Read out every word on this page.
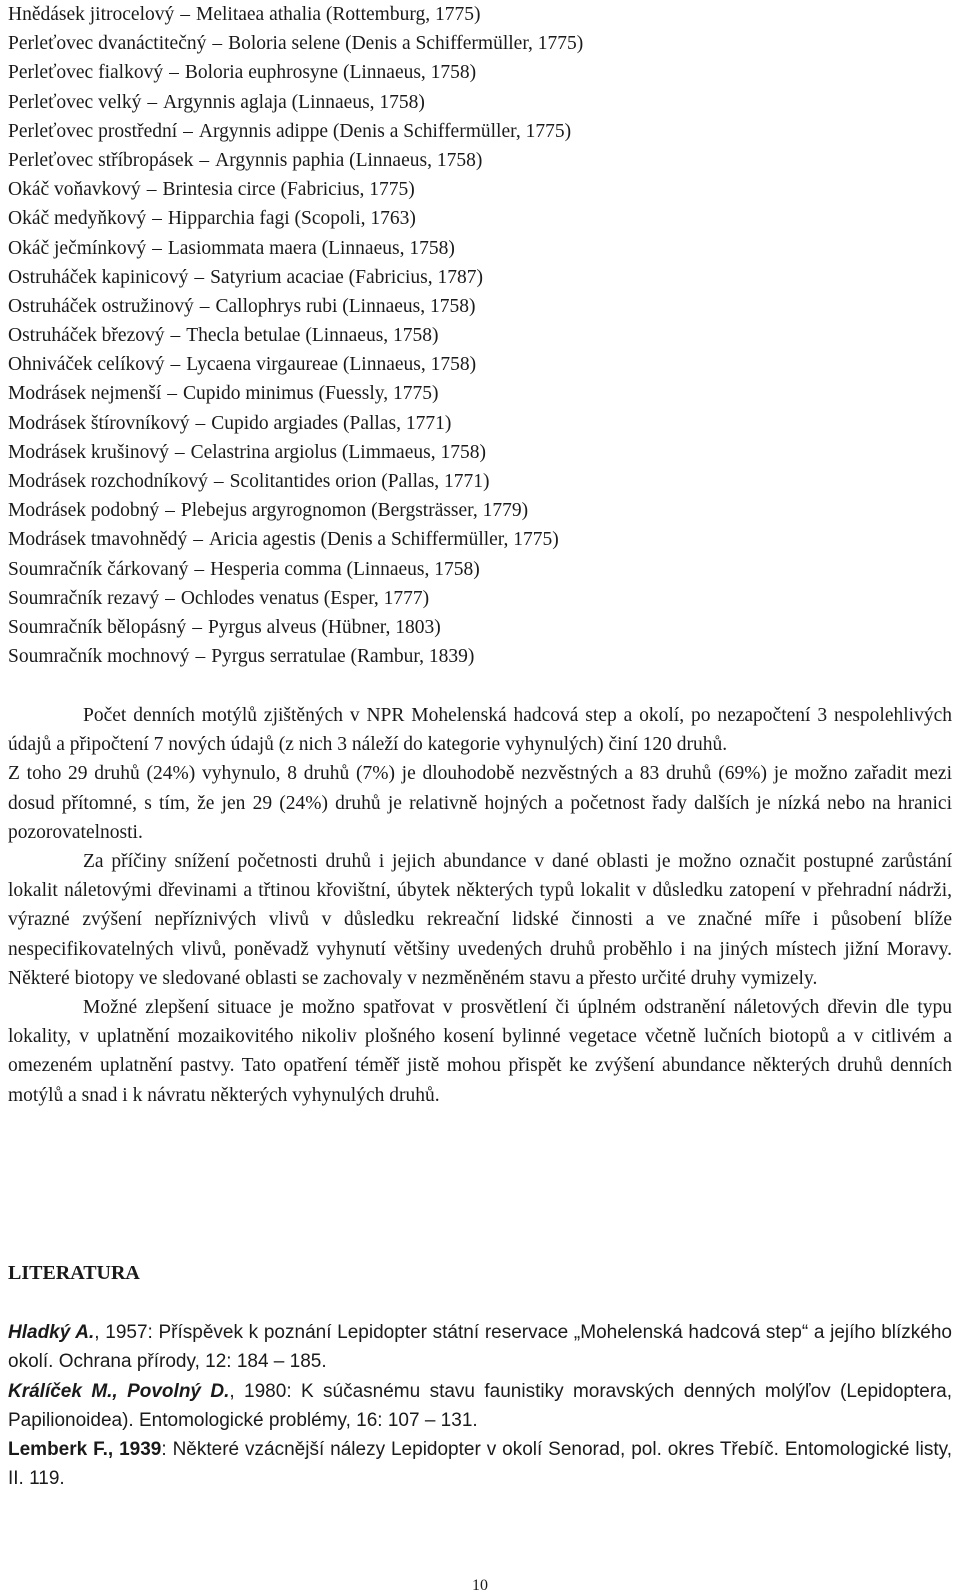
Hnědásek jitrocelový – Melitaea athalia (Rottemburg, 1775)
Perleťovec dvanáctitečný – Boloria selene (Denis a Schiffermüller, 1775)
Perleťovec fialkový – Boloria euphrosyne (Linnaeus, 1758)
Perleťovec velký – Argynnis aglaja (Linnaeus, 1758)
Perleťovec prostřední – Argynnis adippe (Denis a Schiffermüller, 1775)
Perleťovec stříbropásek – Argynnis paphia (Linnaeus, 1758)
Okáč voňavkový – Brintesia circe (Fabricius, 1775)
Okáč medyňkový – Hipparchia fagi (Scopoli, 1763)
Okáč ječmínkový – Lasiommata maera (Linnaeus, 1758)
Ostruháček kapinicový – Satyrium acaciae (Fabricius, 1787)
Ostruháček ostružinový – Callophrys rubi (Linnaeus, 1758)
Ostruháček březový – Thecla betulae (Linnaeus, 1758)
Ohniváček celíkový – Lycaena virgaureae (Linnaeus, 1758)
Modrásek nejmenší – Cupido minimus (Fuessly, 1775)
Modrásek štírovníkový – Cupido argiades (Pallas, 1771)
Modrásek krušinový – Celastrina argiolus (Limmaeus, 1758)
Modrásek rozchodníkový – Scolitantides orion (Pallas, 1771)
Modrásek podobný – Plebejus argyrognomon (Bergsträsser, 1779)
Modrásek tmavohnědý – Aricia agestis (Denis a Schiffermüller, 1775)
Soumračník čárkovaný – Hesperia comma (Linnaeus, 1758)
Soumračník rezavý – Ochlodes venatus (Esper, 1777)
Soumračník bělopásný – Pyrgus alveus (Hübner, 1803)
Soumračník mochnový – Pyrgus serratulae (Rambur, 1839)

Počet denních motýlů zjištěných v NPR Mohelenská hadcová step a okolí, po nezapočtení 3 nespolehlivých údajů a připočtení 7 nových údajů (z nich 3 náleží do kategorie vyhynulých) činí 120 druhů.

Z toho 29 druhů (24%) vyhynulo, 8 druhů (7%) je dlouhodobě nezvěstných a 83 druhů (69%) je možno zařadit mezi dosud přítomné, s tím, že jen 29 (24%) druhů je relativně hojných a početnost řady dalších je nízká nebo na hranici pozorovatelnosti.

Za příčiny snížení početnosti druhů i jejich abundance v dané oblasti je možno označit postupné zarůstání lokalit náletovými dřevinami a třtinou křovištní, úbytek některých typů lokalit v důsledku zatopení v přehradní nádrži, výrazné zvýšení nepříznivých vlivů v důsledku rekreační lidské činnosti a ve značné míře i působení blíže nespecifikovatelných vlivů, poněvadž vyhynutí většiny uvedených druhů proběhlo i na jiných místech jižní Moravy. Některé biotopy ve sledované oblasti se zachovaly v nezměněném stavu a přesto určité druhy vymizely.

Možné zlepšení situace je možno spatřovat v prosvětlení či úplném odstranění náletových dřevin dle typu lokality, v uplatnění mozaikovitého nikoliv plošného kosení bylinné vegetace včetně lučních biotopů a v citlivém a omezeném uplatnění pastvy. Tato opatření téměř jistě mohou přispět ke zvýšení abundance některých druhů denních motýlů a snad i k návratu některých vyhynulých druhů.

LITERATURA

Hladký A., 1957: Příspěvek k poznání Lepidopter státní reservace „Mohelenská hadcová step“ a jejího blízkého okolí. Ochrana přírody, 12: 184 – 185.

Králíček M., Povolný D., 1980: K súčasnému stavu faunistiky moravských denných molýľov (Lepidoptera, Papilionoidea). Entomologické problémy, 16: 107 – 131.

Lemberk F., 1939: Některé vzácnější nálezy Lepidopter v okolí Senorad, pol. okres Třebíč. Entomologické listy, II. 119.

10
